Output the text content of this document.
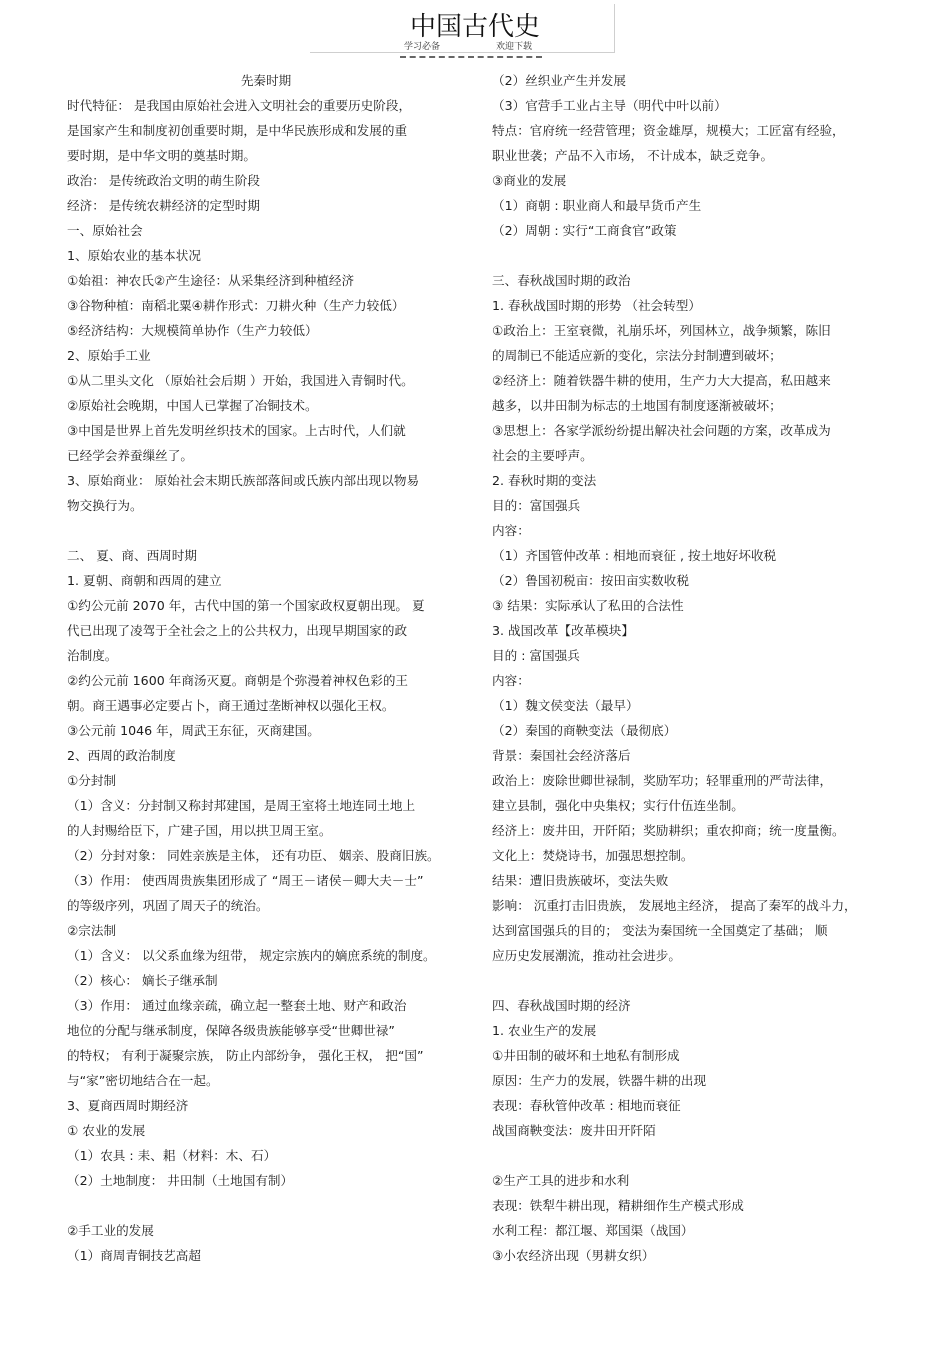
中国古代史
学习必备	欢迎下载
先秦时期
时代特征： 是我国由原始社会进入文明社会的重要历史阶段，
是国家产生和制度初创重要时期，是中华民族形成和发展的重
要时期，是中华文明的奠基时期。
政治： 是传统政治文明的萌生阶段
经济： 是传统农耕经济的定型时期
一、原始社会
1、原始农业的基本状况
①始祖：神农氏②产生途径：从采集经济到种植经济
③谷物种植：南稻北粟④耕作形式：刀耕火种（生产力较低）
⑤经济结构：大规模简单协作（生产力较低）
2、原始手工业
①从二里头文化 （原始社会后期 ）开始，我国进入青铜时代。
②原始社会晚期，中国人已掌握了冶铜技术。
③中国是世界上首先发明丝织技术的国家。上古时代，人们就
已经学会养蚕缫丝了。
3、原始商业： 原始社会末期氏族部落间或氏族内部出现以物易
物交换行为。
二、 夏、商、西周时期
1. 夏朝、商朝和西周的建立
①约公元前 2070 年，古代中国的第一个国家政权夏朝出现。 夏
代已出现了凌驾于全社会之上的公共权力，出现早期国家的政
治制度。
②约公元前 1600 年商汤灭夏。商朝是个弥漫着神权色彩的王
朝。商王遇事必定要占卜，商王通过垄断神权以强化王权。
③公元前 1046 年，周武王东征，灭商建国。
2、西周的政治制度
①分封制
（1）含义：分封制又称封邦建国，是周王室将土地连同土地上
的人封赐给臣下，广建子国，用以拱卫周王室。
（2）分封对象： 同姓亲族是主体， 还有功臣、 姻亲、股商旧族。
（3）作用： 使西周贵族集团形成了 “周王－诸侯－卿大夫－士”
的等级序列，巩固了周天子的统治。
②宗法制
（1）含义： 以父系血缘为纽带， 规定宗族内的嫡庶系统的制度。
（2）核心： 嫡长子继承制
（3）作用： 通过血缘亲疏，确立起一整套土地、财产和政治
地位的分配与继承制度，保障各级贵族能够享受“世卿世禄”
的特权； 有利于凝聚宗族， 防止内部纷争， 强化王权， 把“国”
与“家”密切地结合在一起。
3、夏商西周时期经济
① 农业的发展
（1）农具 : 耒、耜（材料：木、石）
（2）土地制度： 井田制（土地国有制）
②手工业的发展
（1）商周青铜技艺高超
（2）丝织业产生并发展
（3）官营手工业占主导（明代中叶以前）
特点：官府统一经营管理；资金雄厚，规模大；工匠富有经验，
职业世袭；产品不入市场， 不计成本，缺乏竞争。
③商业的发展
（1）商朝 : 职业商人和最早货币产生
（2）周朝 : 实行“工商食官”政策
三、春秋战国时期的政治
1. 春秋战国时期的形势 （社会转型）
①政治上：王室衰微，礼崩乐坏，列国林立，战争频繁，陈旧
的周制已不能适应新的变化，宗法分封制遭到破坏；
②经济上：随着铁器牛耕的使用，生产力大大提高，私田越来
越多，以井田制为标志的土地国有制度逐渐被破坏；
③思想上：各家学派纷纷提出解决社会问题的方案，改革成为
社会的主要呼声。
2. 春秋时期的变法
目的：富国强兵
内容：
（1）齐国管仲改革 : 相地而衰征 , 按土地好坏收税
（2）鲁国初税亩：按田亩实数收税
③ 结果：实际承认了私田的合法性
3. 战国改革【改革模块】
目的 : 富国强兵
内容：
（1）魏文侯变法（最早）
（2）秦国的商鞅变法（最彻底）
背景：秦国社会经济落后
政治上：废除世卿世禄制，奖励军功；轻罪重刑的严苛法律，
建立县制，强化中央集权；实行什伍连坐制。
经济上：废井田，开阡陌；奖励耕织；重农抑商；统一度量衡。
文化上：焚烧诗书，加强思想控制。
结果：遭旧贵族破坏，变法失败
影响： 沉重打击旧贵族， 发展地主经济， 提高了秦军的战斗力，
达到富国强兵的目的； 变法为秦国统一全国奠定了基础； 顺
应历史发展潮流，推动社会进步。
四、春秋战国时期的经济
1. 农业生产的发展
①井田制的破坏和土地私有制形成
原因：生产力的发展，铁器牛耕的出现
表现：春秋管仲改革 : 相地而衰征
战国商鞅变法：废井田开阡陌
②生产工具的进步和水利
表现：铁犁牛耕出现，精耕细作生产模式形成
水利工程：都江堰、郑国渠（战国）
③小农经济出现（男耕女织）
